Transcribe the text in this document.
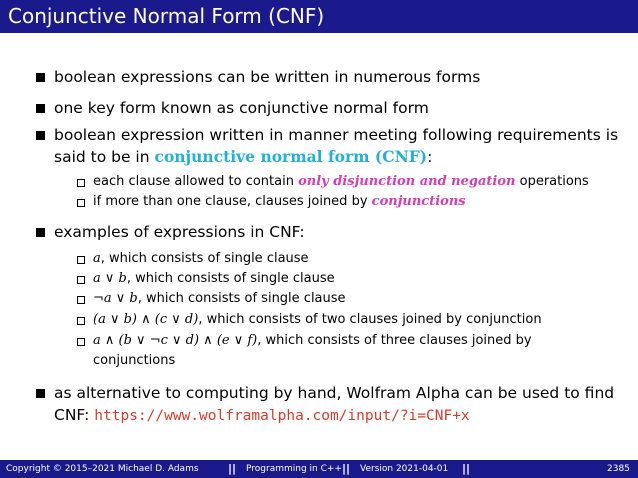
Conjunctive Normal Form (CNF)
boolean expressions can be written in numerous forms
one key form known as conjunctive normal form
boolean expression written in manner meeting following requirements is
said to be in conjunctive normal form (CNF):
each clause allowed to contain only disjunction and negation operations
if more than one clause, clauses joined by conjunctions
examples of expressions in CNF:
a, which consists of single clause
a ∨ b, which consists of single clause
¬a ∨ b, which consists of single clause
(a ∨ b) ∧ (c ∨ d), which consists of two clauses joined by conjunction
a ∧ (b ∨ ¬c ∨ d) ∧ (e ∨ f), which consists of three clauses joined by
conjunctions
as alternative to computing by hand, Wolfram Alpha can be used to find
CNF: https://www.wolframalpha.com/input/?i=CNF+x
Copyright © 2015–2021 Michael D. Adams	|| Programming in C++ || Version 2021-04-01 ||	2385
